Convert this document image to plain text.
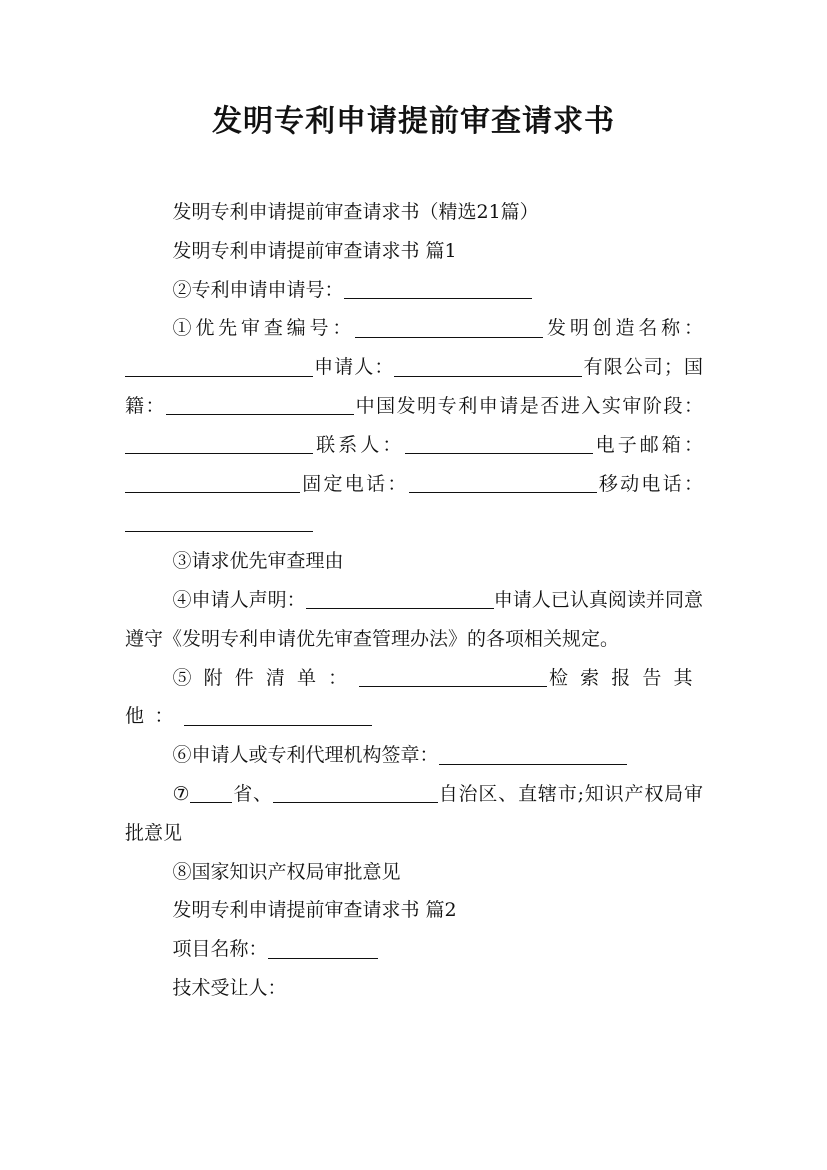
发明专利申请提前审查请求书

发明专利申请提前审查请求书（精选21篇）

发明专利申请提前审查请求书 篇1

②专利申请申请号：

①优先审查编号：	发明创造名称：申请人：	有限公司；国籍：	中国发明专利申请是否进入实审阶段：联系人：	电子邮箱：固定电话：	移动电话：

③请求优先审查理由

④申请人声明：	申请人已认真阅读并同意遵守《发明专利申请优先审查管理办法》的各项相关规定。

⑤附件清单：	检索报告其他：

⑥申请人或专利代理机构签章：

⑦ 省、	自治区、直辖市;知识产权局审批意见

⑧国家知识产权局审批意见

发明专利申请提前审查请求书 篇2

项目名称：

技术受让人：
